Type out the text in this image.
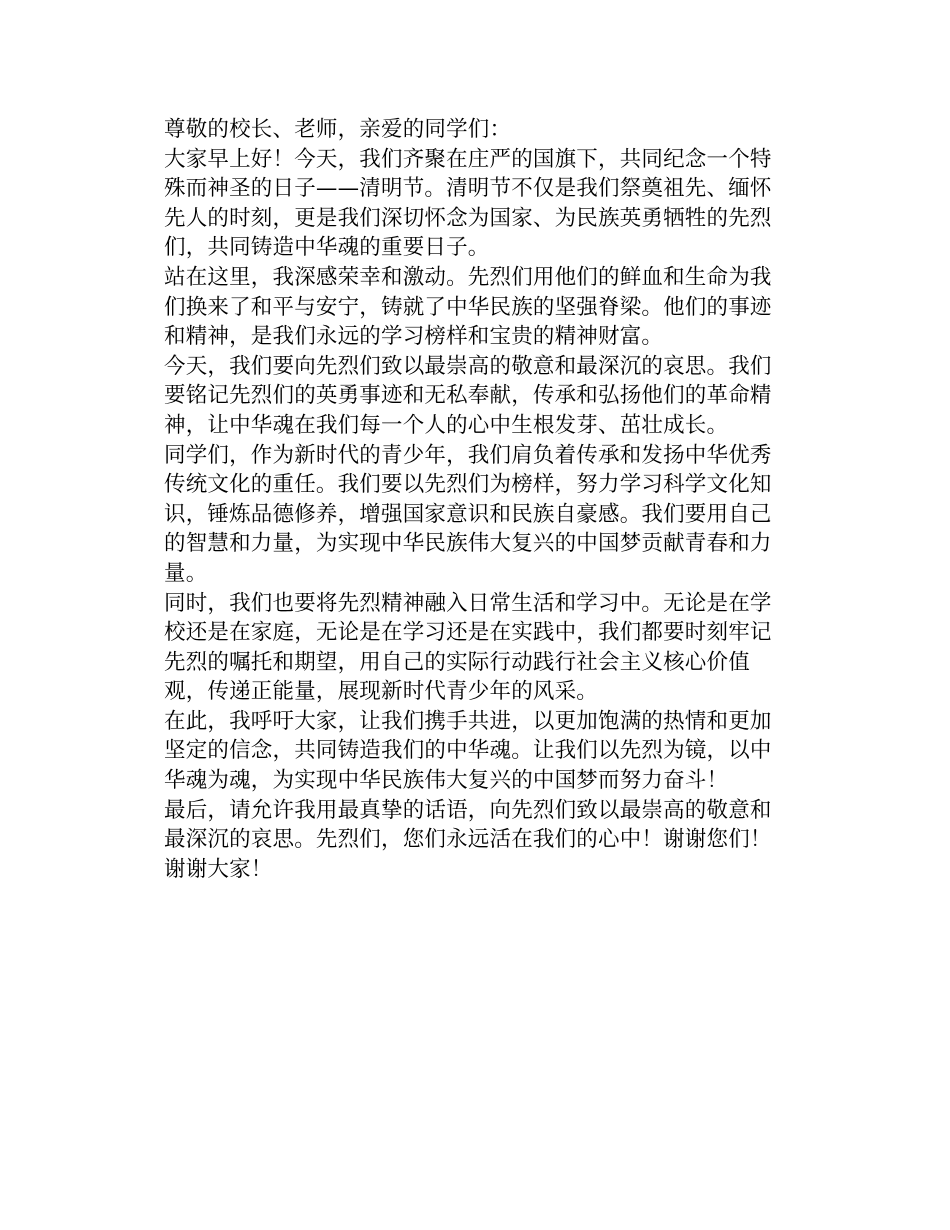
尊敬的校长、老师，亲爱的同学们：

大家早上好！今天，我们齐聚在庄严的国旗下，共同纪念一个特殊而神圣的日子——清明节。清明节不仅是我们祭奠祖先、缅怀先人的时刻，更是我们深切怀念为国家、为民族英勇牺牲的先烈们，共同铸造中华魂的重要日子。

站在这里，我深感荣幸和激动。先烈们用他们的鲜血和生命为我们换来了和平与安宁，铸就了中华民族的坚强脊梁。他们的事迹和精神，是我们永远的学习榜样和宝贵的精神财富。

今天，我们要向先烈们致以最崇高的敬意和最深沉的哀思。我们要铭记先烈们的英勇事迹和无私奉献，传承和弘扬他们的革命精神，让中华魂在我们每一个人的心中生根发芽、茁壮成长。

同学们，作为新时代的青少年，我们肩负着传承和发扬中华优秀传统文化的重任。我们要以先烈们为榜样，努力学习科学文化知识，锤炼品德修养，增强国家意识和民族自豪感。我们要用自己的智慧和力量，为实现中华民族伟大复兴的中国梦贡献青春和力量。

同时，我们也要将先烈精神融入日常生活和学习中。无论是在学校还是在家庭，无论是在学习还是在实践中，我们都要时刻牢记先烈的嘱托和期望，用自己的实际行动践行社会主义核心价值观，传递正能量，展现新时代青少年的风采。

在此，我呼吁大家，让我们携手共进，以更加饱满的热情和更加坚定的信念，共同铸造我们的中华魂。让我们以先烈为镜，以中华魂为魂，为实现中华民族伟大复兴的中国梦而努力奋斗！

最后，请允许我用最真挚的话语，向先烈们致以最崇高的敬意和最深沉的哀思。先烈们，您们永远活在我们的心中！谢谢您们！

谢谢大家！
